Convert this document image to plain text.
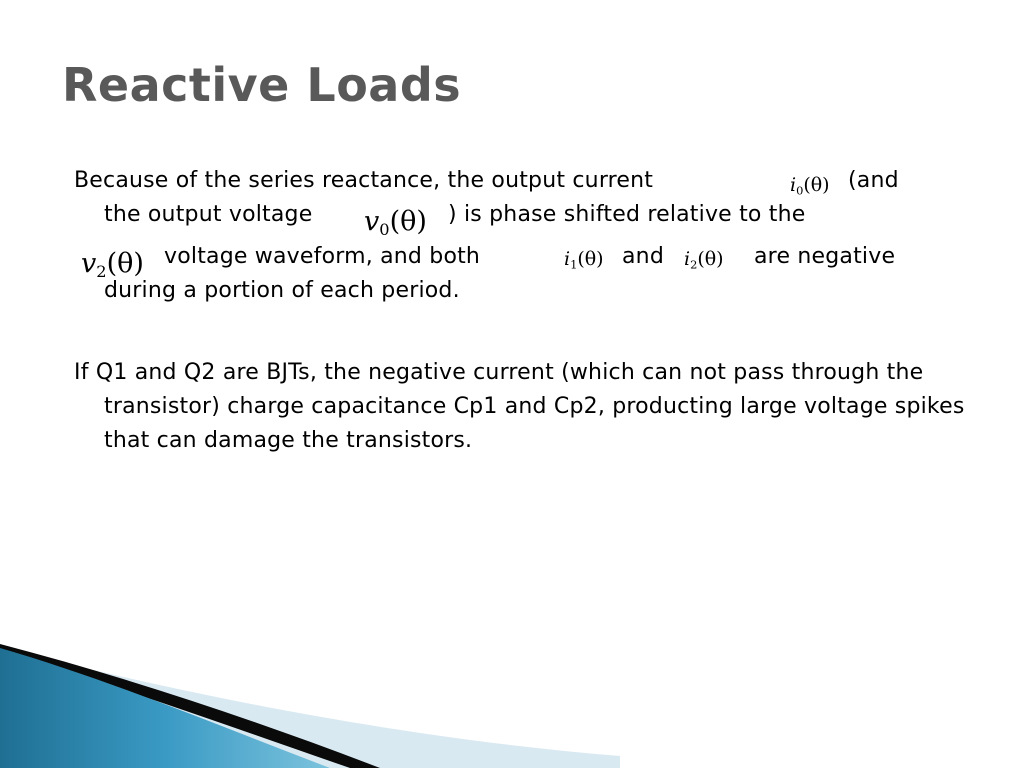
Reactive Loads
Because of the series reactance, the output current	$i_0(\theta)$ (and
the output voltage $v_0(\theta)$ ) is phase shifted relative to the
$v_2(\theta)$ voltage waveform, and both	$i_1(\theta)$ and $i_2(\theta)$ are negative
during a portion of each period.

If Q1 and Q2 are BJTs, the negative current (which can not pass through the transistor) charge capacitance Cp1 and Cp2, producting large voltage spikes that can damage the transistors.
